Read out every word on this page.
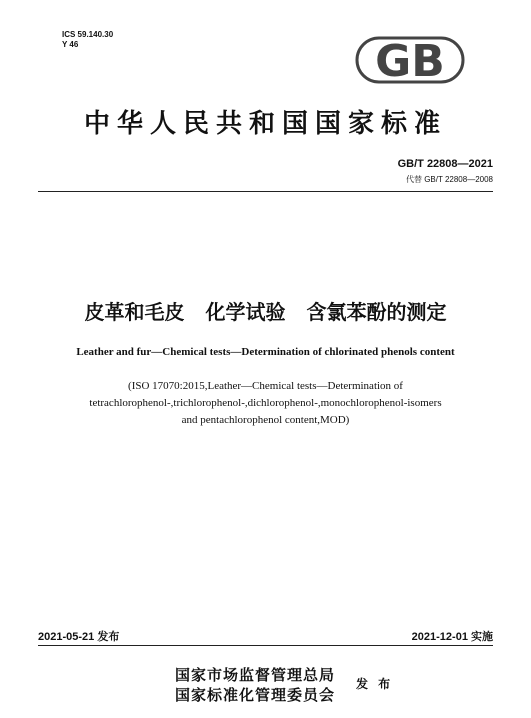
ICS 59.140.30
Y 46	GB
中华人民共和国国家标准
GB/T 22808—2021
代替 GB/T 22808—2008
皮革和毛皮 化学试验 含氯苯酚的测定
Leather and fur—Chemical tests—Determination of chlorinated phenols content
(ISO 17070:2015,Leather—Chemical tests—Determination of
tetrachlorophenol-,trichlorophenol-,dichlorophenol-,monochlorophenol-isomers
and pentachlorophenol content,MOD)
2021-05-21 发布	2021-12-01 实施
国家市场监督管理总局
国家标准化管理委员会
发 布
